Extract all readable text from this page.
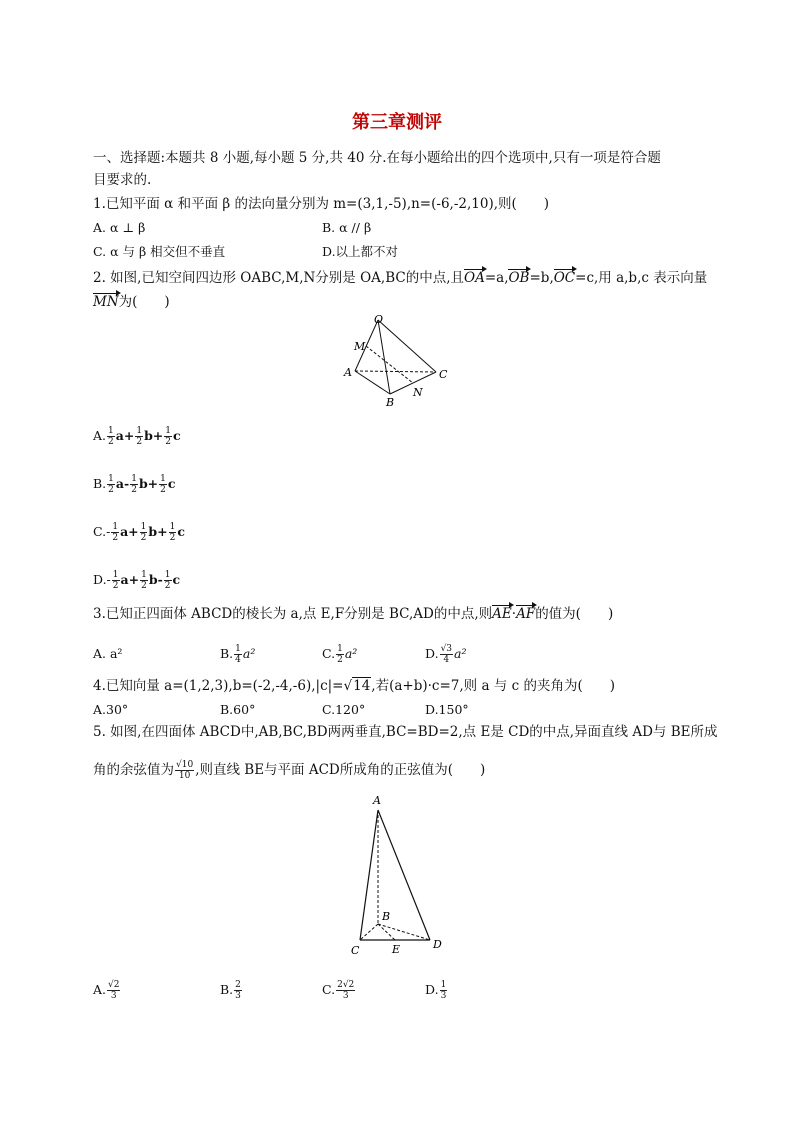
第三章测评
一、选择题:本题共 8 小题,每小题 5 分,共 40 分.在每小题给出的四个选项中,只有一项是符合题
目要求的.
1.已知平面 α 和平面 β 的法向量分别为 m=(3,1,-5),n=(-6,-2,10),则(　　)
A. α ⊥ β	B. α // β
C. α 与 β 相交但不垂直	D.以上都不对
2. 如图,已知空间四边形 OABC,M,N分别是 OA,BC的中点,且OA=a,OB=b,OC=c,用 a,b,c 表示向量
MN为(　　)
O
M
A
B
C
N
A. $\frac{1}{2} a+ \frac{1}{2} b+ \frac{1}{2}$ c
B. $\frac{1}{2} a- \frac{1}{2} b+ \frac{1}{2}$ c
$C.- \frac{1}{2} a+ \frac{1}{2} b+ \frac{1}{2}$ c
$D.- \frac{1}{2} a+ \frac{1}{2} b- \frac{1}{2}$ c
3.已知正四面体 ABCD的棱长为 a,点 E,F分别是 BC,AD的中点,则AE·AF的值为(　　)
A. a²	B. $\frac{1}{4} a^2$	C. $\frac{1}{2} a^2$	D. $\frac{√3}{4} a^2$
4.已知向量 a=(1,2,3),b=(-2,-4,-6),|c|=√14,若(a+b)·c=7,则 a 与 c 的夹角为(　　)
A.30°	B.60°	C.120°	D.150°
5. 如图,在四面体 ABCD中,AB,BC,BD两两垂直,BC=BD=2,点 E是 CD的中点,异面直线 AD与 BE所成
角的余弦值为 $\frac{√10}{10}$ ,则直线 BE与平面 ACD所成角的正弦值为(　　)
A
B
C	D
E
A. $\frac{√2}{3}$	B. $\frac{2}{3}$	C. $\frac{2√2}{3}$	D. $\frac{1}{3}$
